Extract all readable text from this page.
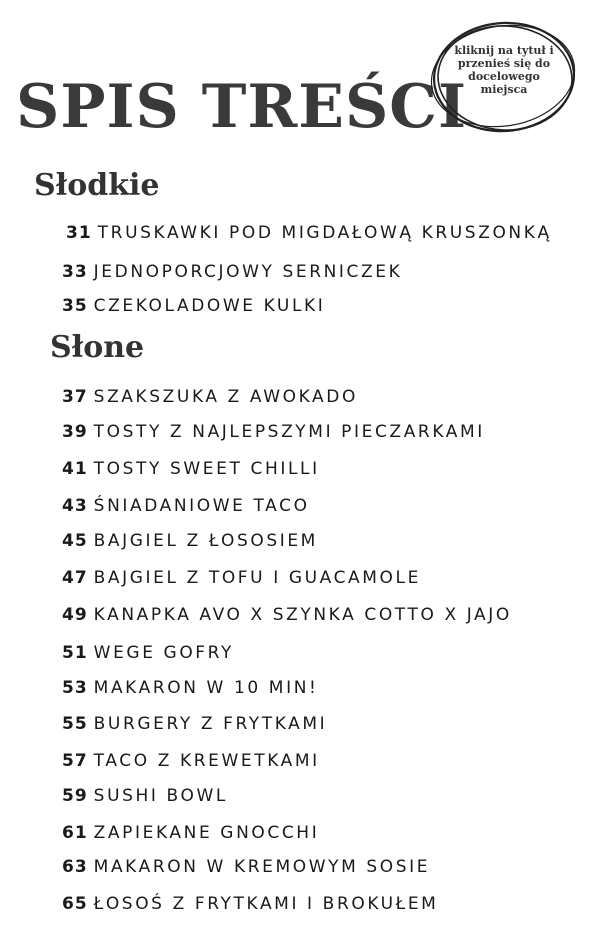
SPIS TREŚCI
kliknij na tytuł i
przenieś się do
docelowego
miejsca
Słodkie
31 TRUSKAWKI POD MIGDAŁOWĄ KRUSZONKĄ
33 JEDNOPORCJOWY SERNICZEK
35 CZEKOLADOWE KULKI
Słone
37 SZAKSZUKA Z AWOKADO
39 TOSTY Z NAJLEPSZYMI PIECZARKAMI
41 TOSTY SWEET CHILLI
43 ŚNIADANIOWE TACO
45 BAJGIEL Z ŁOSOSIEM
47 BAJGIEL Z TOFU I GUACAMOLE
49 KANAPKA AVO X SZYNKA COTTO X JAJO
51 WEGE GOFRY
53 MAKARON W 10 MIN!
55 BURGERY Z FRYTKAMI
57 TACO Z KREWETKAMI
59 SUSHI BOWL
61 ZAPIEKANE GNOCCHI
63 MAKARON W KREMOWYM SOSIE
65 ŁOSOŚ Z FRYTKAMI I BROKUŁEM
